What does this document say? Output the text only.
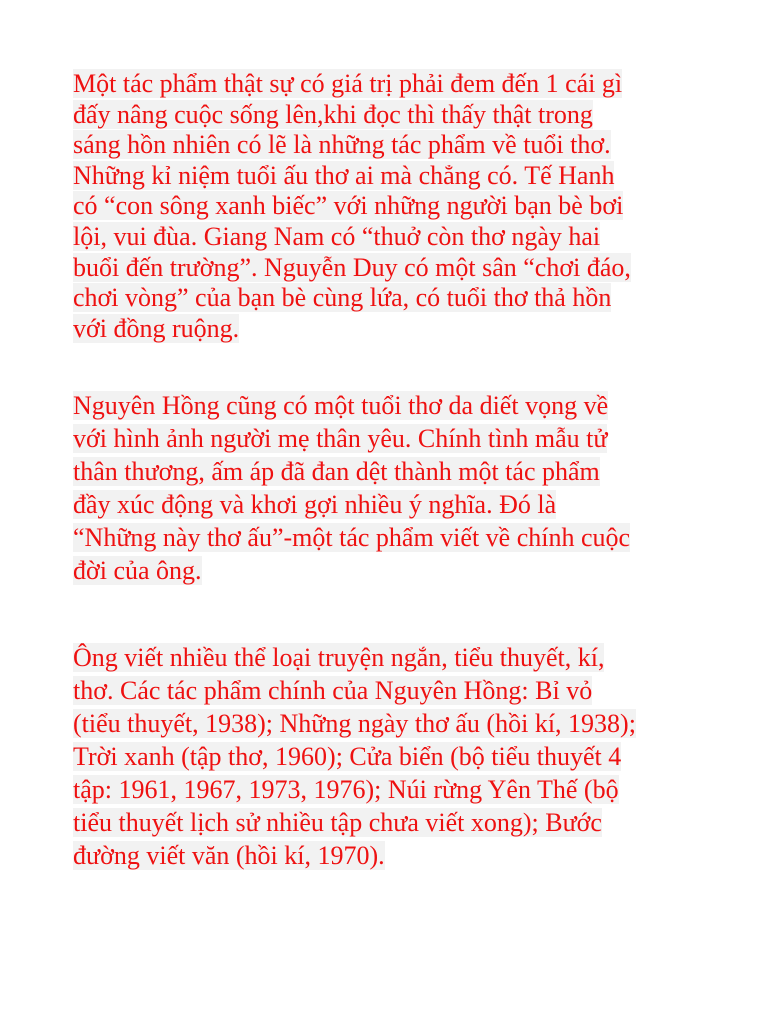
Một tác phẩm thật sự có giá trị phải đem đến 1 cái gì
đấy nâng cuộc sống lên,khi đọc thì thấy thật trong
sáng hồn nhiên có lẽ là những tác phẩm về tuổi thơ.
Những kỉ niệm tuổi ấu thơ ai mà chẳng có. Tế Hanh
có “con sông xanh biếc” với những người bạn bè bơi
lội, vui đùa. Giang Nam có “thuở còn thơ ngày hai
buổi đến trường”. Nguyễn Duy có một sân “chơi đáo,
chơi vòng” của bạn bè cùng lứa, có tuổi thơ thả hồn
với đồng ruộng.

Nguyên Hồng cũng có một tuổi thơ da diết vọng về
với hình ảnh người mẹ thân yêu. Chính tình mẫu tử
thân thương, ấm áp đã đan dệt thành một tác phẩm
đầy xúc động và khơi gợi nhiều ý nghĩa. Đó là
“Những này thơ ấu”-một tác phẩm viết về chính cuộc
đời của ông.

Ông viết nhiều thể loại truyện ngắn, tiểu thuyết, kí,
thơ. Các tác phẩm chính của Nguyên Hồng: Bỉ vỏ
(tiểu thuyết, 1938); Những ngày thơ ấu (hồi kí, 1938);
Trời xanh (tập thơ, 1960); Cửa biển (bộ tiểu thuyết 4
tập: 1961, 1967, 1973, 1976); Núi rừng Yên Thế (bộ
tiểu thuyết lịch sử nhiều tập chưa viết xong); Bước
đường viết văn (hồi kí, 1970).
